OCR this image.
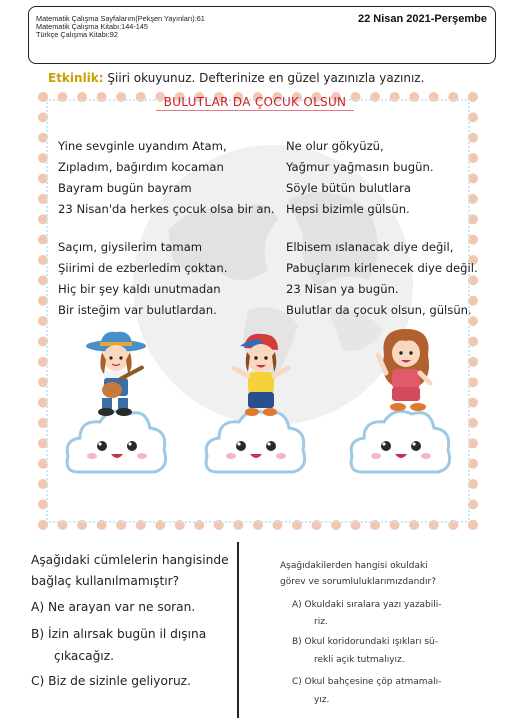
Matematik Çalışma Sayfalarım(Pekşen Yayınları):61
Matematik Çalışma Kitabı:144-145
Türkçe Çalışma Kitabı:92
22 Nisan 2021-Perşembe
Etkinlik: Şiiri okuyunuz. Defterinize en güzel yazınızla yazınız.
BULUTLAR DA ÇOCUK OLSUN
Yine sevginle uyandım Atam,
Zıpladım, bağırdım kocaman
Bayram bugün bayram
23 Nisan'da herkes çocuk olsa bir an.
Ne olur gökyüzü,
Yağmur yağmasın bugün.
Söyle bütün bulutlara
Hepsi bizimle gülsün.
Saçım, giysilerim tamam
Şiirimi de ezberledim çoktan.
Hiç bir şey kaldı unutmadan
Bir isteğim var bulutlardan.
Elbisem ıslanacak diye değil,
Pabuçlarım kirlenecek diye değil.
23 Nisan ya bugün.
Bulutlar da çocuk olsun, gülsün.
Aşağıdaki cümlelerin hangisinde
bağlaç kullanılmamıştır?
A) Ne arayan var ne soran.
B) İzin alırsak bugün il dışına
çıkacağız.
C) Biz de sizinle geliyoruz.
Aşağıdakilerden hangisi okuldaki
görev ve sorumluluklarımızdandır?
A) Okuldaki sıralara yazı yazabili-
riz.
B) Okul koridorundaki ışıkları sü-
rekli açık tutmalıyız.
C) Okul bahçesine çöp atmamalı-
yız.
